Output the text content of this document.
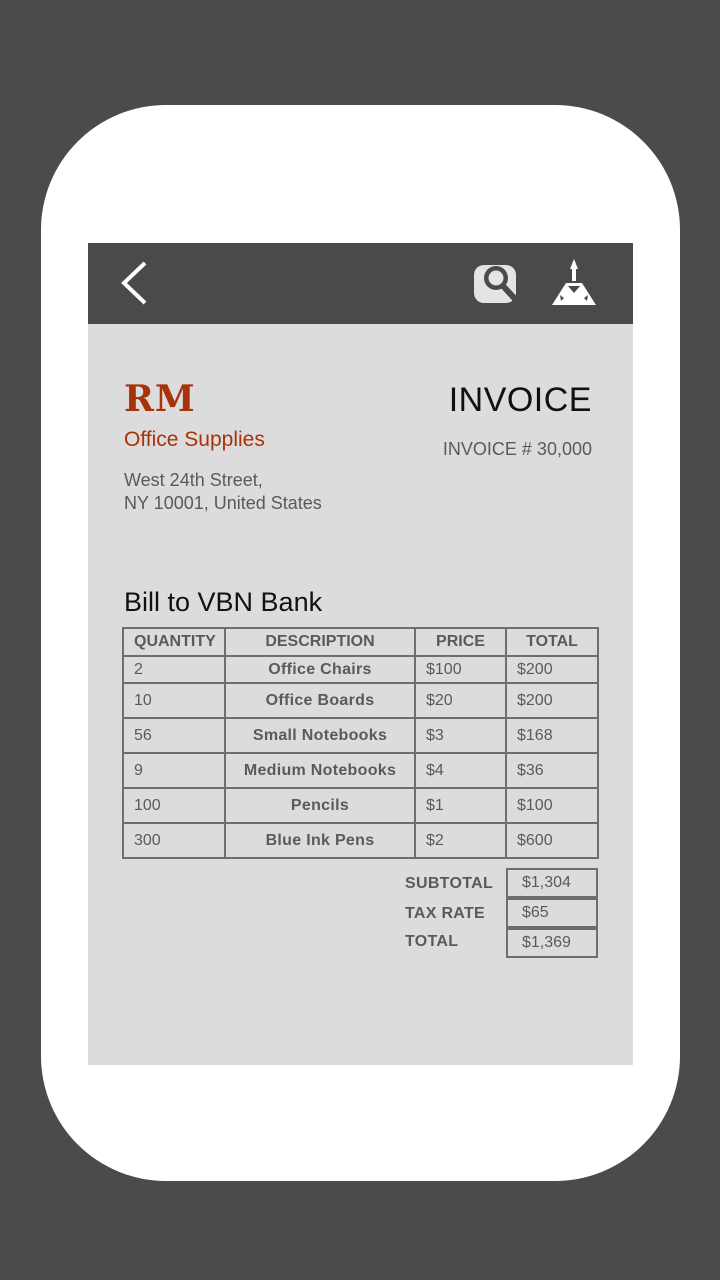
RM
Office Supplies
West 24th Street,
NY 10001, United States
INVOICE
INVOICE # 30,000
Bill to VBN Bank
QUANTITY	DESCRIPTION	PRICE	TOTAL
2	Office Chairs	$100	$200
10	Office Boards	$20	$200
56	Small Notebooks	$3	$168
9	Medium Notebooks	$4	$36
100	Pencils	$1	$100
300	Blue Ink Pens	$2	$600
SUBTOTAL	$1,304
TAX RATE	$65
TOTAL	$1,369
